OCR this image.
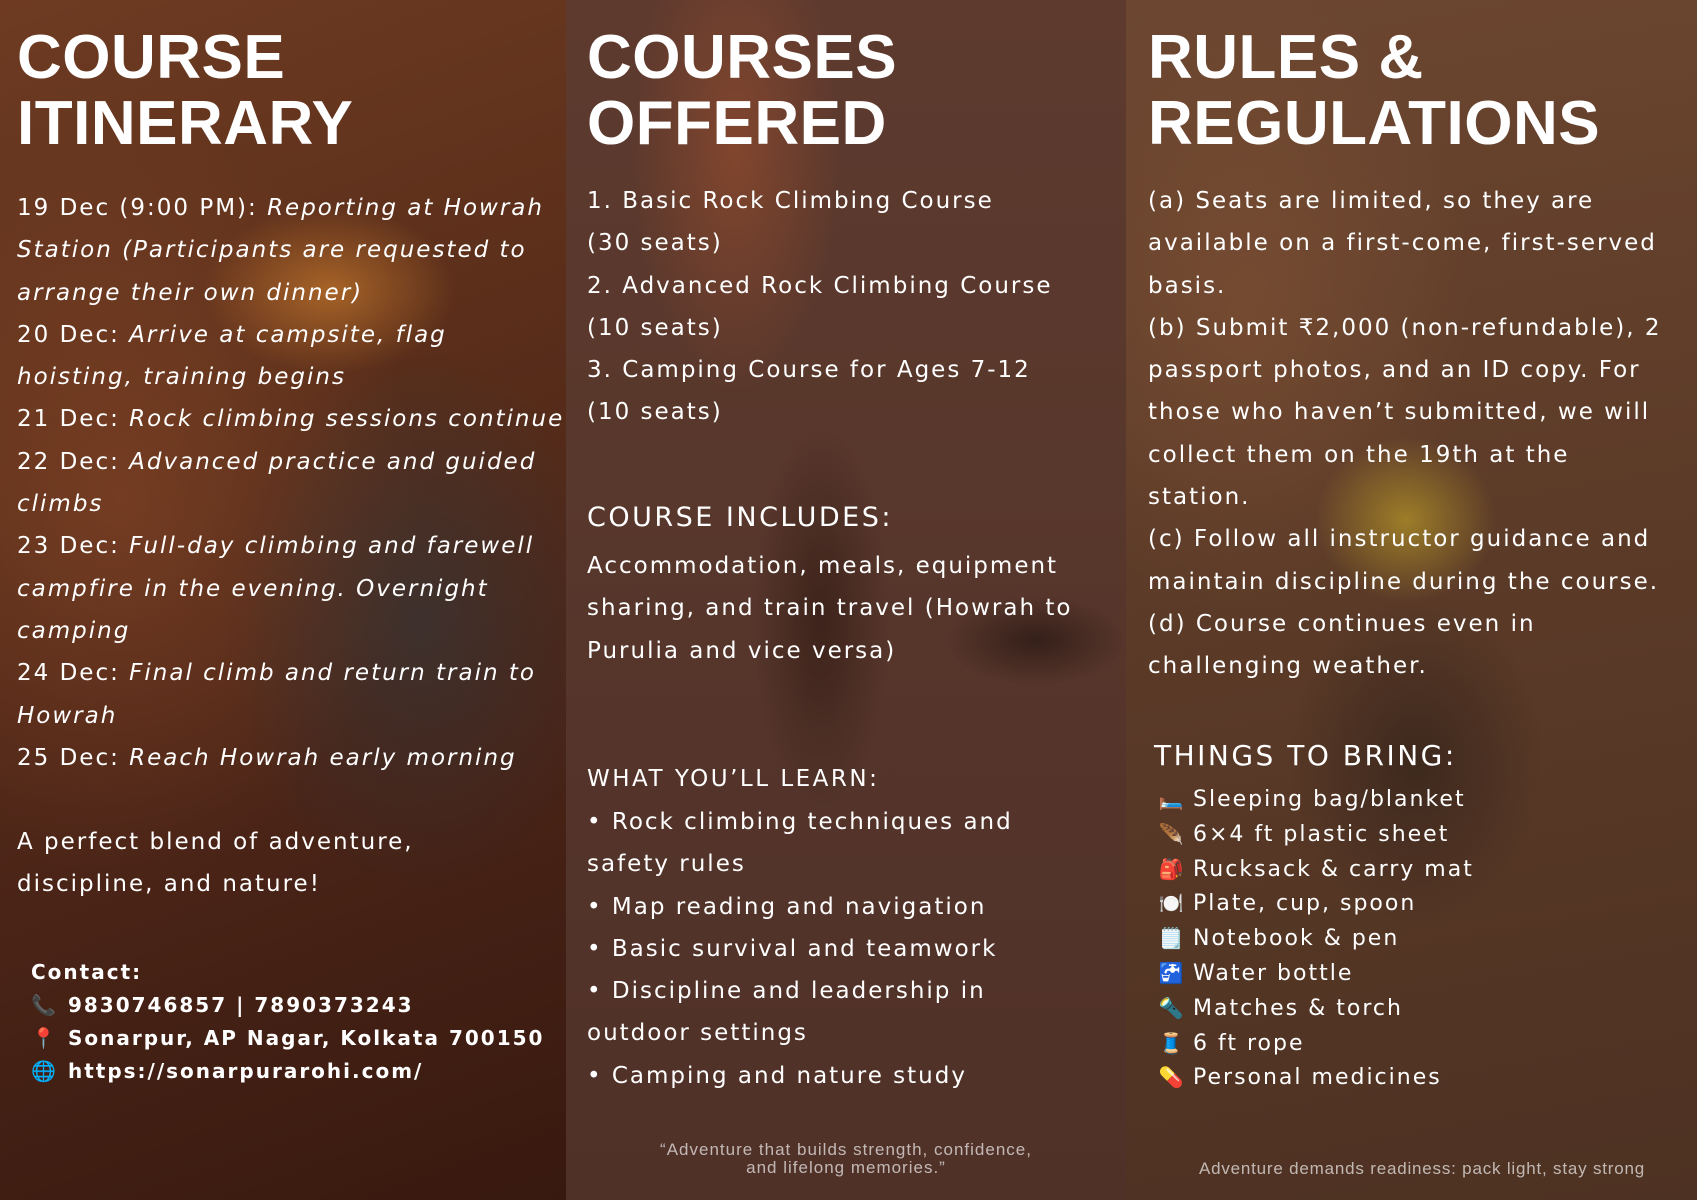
COURSE
ITINERARY
19 Dec (9:00 PM): Reporting at Howrah
Station (Participants are requested to
arrange their own dinner)
20 Dec: Arrive at campsite, flag
hoisting, training begins
21 Dec: Rock climbing sessions continue
22 Dec: Advanced practice and guided
climbs
23 Dec: Full-day climbing and farewell
campfire in the evening. Overnight
camping
24 Dec: Final climb and return train to
Howrah
25 Dec: Reach Howrah early morning
A perfect blend of adventure,
discipline, and nature!
Contact:
📞 9830746857 | 7890373243
📍 Sonarpur, AP Nagar, Kolkata 700150
🌐 https://sonarpurarohi.com/
COURSES
OFFERED
1. Basic Rock Climbing Course
(30 seats)
2. Advanced Rock Climbing Course
(10 seats)
3. Camping Course for Ages 7-12
(10 seats)
COURSE INCLUDES:
Accommodation, meals, equipment
sharing, and train travel (Howrah to
Purulia and vice versa)
WHAT YOU’LL LEARN:
• Rock climbing techniques and
safety rules
• Map reading and navigation
• Basic survival and teamwork
• Discipline and leadership in
outdoor settings
• Camping and nature study
“Adventure that builds strength, confidence,
and lifelong memories.”
RULES &
REGULATIONS
(a) Seats are limited, so they are
available on a first-come, first-served
basis.
(b) Submit ₹2,000 (non-refundable), 2
passport photos, and an ID copy. For
those who haven’t submitted, we will
collect them on the 19th at the
station.
(c) Follow all instructor guidance and
maintain discipline during the course.
(d) Course continues even in
challenging weather.
THINGS TO BRING:
🛏️ Sleeping bag/blanket
🪶 6×4 ft plastic sheet
🎒 Rucksack & carry mat
🍽️ Plate, cup, spoon
🗒️ Notebook & pen
🚰 Water bottle
🔦 Matches & torch
🧵 6 ft rope
💊 Personal medicines
Adventure demands readiness: pack light, stay strong
